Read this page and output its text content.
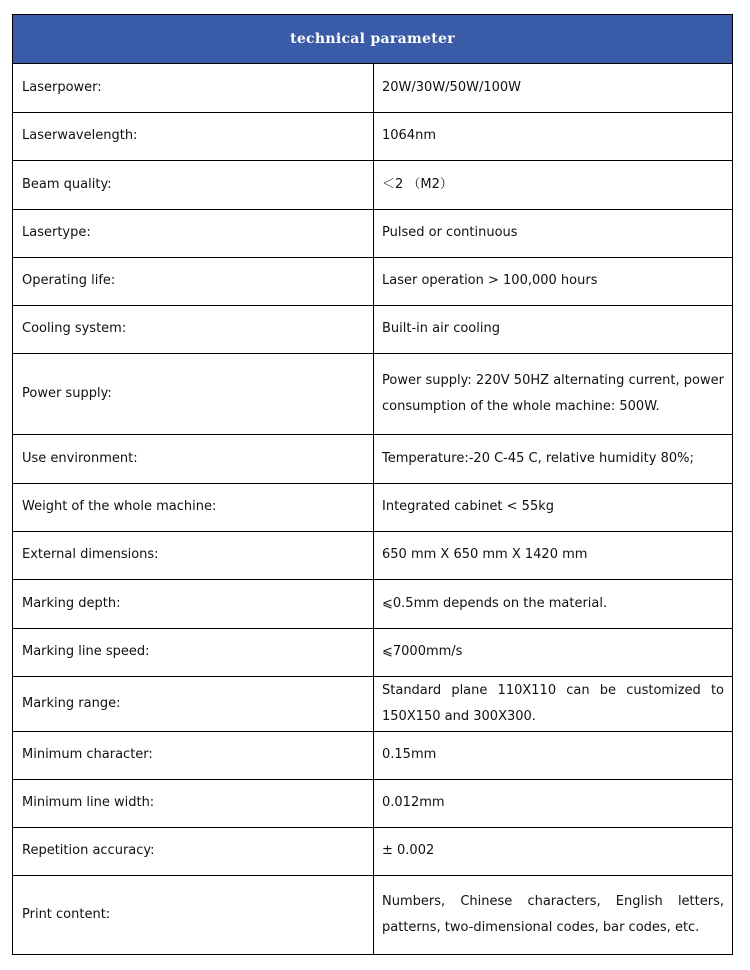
technical parameter
Laserpower:	20W/30W/50W/100W
Laserwavelength:	1064nm
Beam quality:	＜2 （M2）
Lasertype:	Pulsed or continuous
Operating life:	Laser operation > 100,000 hours
Cooling system:	Built-in air cooling
Power supply:	Power supply: 220V 50HZ alternating current, power consumption of the whole machine: 500W.
Use environment:	Temperature:-20 C-45 C, relative humidity 80%;
Weight of the whole machine:	Integrated cabinet < 55kg
External dimensions:	650 mm X 650 mm X 1420 mm
Marking depth:	⩽0.5mm depends on the material.
Marking line speed:	⩽7000mm/s
Marking range:	Standard plane 110X110 can be customized to 150X150 and 300X300.
Minimum character:	0.15mm
Minimum line width:	0.012mm
Repetition accuracy:	± 0.002
Print content:	Numbers, Chinese characters, English letters, patterns, two-dimensional codes, bar codes, etc.
